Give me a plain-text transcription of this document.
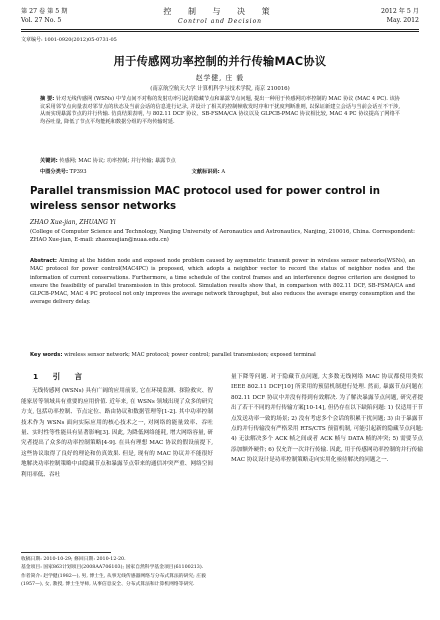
第 27 卷 第 5 期
Vol. 27 No. 5
控 制 与 决 策
Control and Decision
2012 年 5 月
May. 2012
文章编号: 1001-0920(2012)05-0731-05
用于传感网功率控制的并行传输MAC协议
赵学健, 庄 毅
(南京航空航天大学 计算机科学与技术学院, 南京 210016)
摘 要: 针对无线传感网 (WSNs) 中节点间不对称的发射功率引起的隐藏节点和暴露节点问题, 提出一种用于传感网功率控制的 MAC 协议 (MAC 4 PC). 该协议采用邻节点向量表对邻节点的状态及当前会话的信息进行记录, 并设计了相关的控制帧收发时序和干扰度判断准则, 以保证新建立会话与当前会话互不干涉, 从而实现暴露节点的并行传输. 仿真结果表明, 与 802.11 DCF 协议、SB-FSMA/CA 协议以及 GLPCB-PMAC 协议相比较, MAC 4 PC 协议提高了网络平均吞吐量, 降低了节点平均能耗和数据分组的平均传输时延.
关键词: 传感网; MAC 协议; 功率控制; 并行传输; 暴露节点
中图分类号: TP393	文献标识码: A
Parallel transmission MAC protocol used for power control in wireless sensor networks
ZHAO Xue-jian, ZHUANG Yi
(College of Computer Science and Technology, Nanjing University of Aeronautics and Astronautics, Nanjing, 210016, China. Correspondent: ZHAO Xue-jian, E-mail: zhaoxuejian@nuaa.edu.cn)
Abstract: Aiming at the hidden node and exposed node problem caused by asymmetric transmit power in wireless sensor networks(WSNs), an MAC protocol for power control(MAC4PC) is proposed, which adopts a neighbor vector to record the status of neighbor nodes and the information of current conservations. Furthermore, a time schedule of the control frames and an interference degree criterion are designed to ensure the feasibility of parallel transmission in this protocol. Simulation results show that, in comparison with 802.11 DCF, SB-FSMA/CA and GLPCB-PMAC, MAC 4 PC protocol not only improves the average network throughput, but also reduces the average energy consumption and the average delivery delay.
Key words: wireless sensor network; MAC protocol; power control; parallel transmission; exposed terminal
1 引 言

无线传感网 (WSNs) 具有广阔的应用前景, 它在环境监测、探险救灾、智能家居等领域具有重要的应用价值. 近年来, 在 WSNs 领域出现了众多的研究方支, 包括功率控制、节点定位、路由协议和数据管理等[1-2]. 其中功率控制技术作为 WSNs 面向实际应用的核心技术之一, 对网络的能量效率、吞吐量、实时性等性能具有显著影响[3]. 因此, 为降低网络能耗, 增大网络容量, 研究者提出了众多的功率控制策略[4-9]. 在具有理想 MAC 协议的假设前提下, 这些协议取得了良好的理论和仿真效果. 但是, 现有的 MAC 协议并不能很好地解决功率控制策略中由隐藏节点和暴露节点带来的通信冲突严重、网络空间利用率低、吞吐

量下降等问题. 对于隐藏节点问题, 大多数无线网络 MAC 协议都使用类似 IEEE 802.11 DCF[10] 所采用的预留机制进行处理. 然而, 暴露节点问题在 802.11 DCF 协议中并没有得到有效解决. 为了解决暴露节点问题, 研究者提出了若干不同的并行传输方案[10-14], 但仍存在以下缺陷问题: 1) 仅适用于节点发送功率一致的场景; 2) 没有考虑多个会话的积累干扰问题; 3) 由于暴露节点的并行传输没有严格采用 RTS/CTS 预留机制, 可能引起新的隐藏节点问题; 4) 无法解决多个 ACK 帧之间或者 ACK 帧与 DATA 帧的冲突; 5) 需要节点添加额外硬件; 6) 仅允许一次并行传输. 因此, 用于传感网功率控制的并行传输 MAC 协议设计是功率控制策略走向实用化亟待解决的问题之一.

收稿日期: 2010-10-29; 修回日期: 2010-12-20.
基金项目: 国家863计划项目(2008AA706103); 国家自然科学基金项目(61100213).
作者简介: 赵学健(1982—), 男, 博士生, 从事无线传感器网络与分布式算法的研究; 庄毅(1957—), 女, 教授, 博士生导师, 从事信息安全、分布式算法和计算机网络等研究.
